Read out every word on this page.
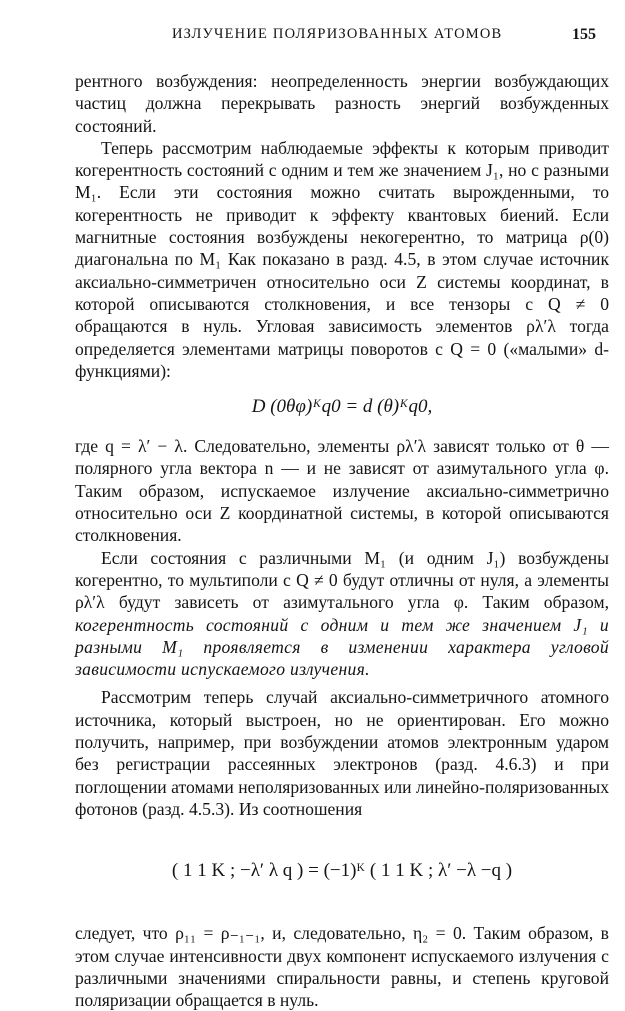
ИЗЛУЧЕНИЕ ПОЛЯРИЗОВАННЫХ АТОМОВ	155

рентного возбуждения: неопределенность энергии возбуждающих частиц должна перекрывать разность энергий возбужденных состояний.

Теперь рассмотрим наблюдаемые эффекты к которым приводит когерентность состояний с одним и тем же значением J₁, но с разными M₁. Если эти состояния можно считать вырожденными, то когерентность не приводит к эффекту квантовых биений. Если магнитные состояния возбуждены некогерентно, то матрица ρ(0) диагональна по M₁ Как показано в разд. 4.5, в этом случае источник аксиально-симметричен относительно оси Z системы координат, в которой описываются столкновения, и все тензоры с Q ≠ 0 обращаются в нуль. Угловая зависимость элементов ρλ′λ тогда определяется элементами матрицы поворотов с Q = 0 («малыми» d-функциями):

D (0θφ)ᴷq0 = d (θ)ᴷq0,

где q = λ′ − λ. Следовательно, элементы ρλ′λ зависят только от θ — полярного угла вектора n — и не зависят от азимутального угла φ. Таким образом, испускаемое излучение аксиально-симметрично относительно оси Z координатной системы, в которой описываются столкновения.

Если состояния с различными M₁ (и одним J₁) возбуждены когерентно, то мультиполи с Q ≠ 0 будут отличны от нуля, а элементы ρλ′λ будут зависеть от азимутального угла φ. Таким образом, когерентность состояний с одним и тем же значением J₁ и разными M₁ проявляется в изменении характера угловой зависимости испускаемого излучения.

Рассмотрим теперь случай аксиально-симметричного атомного источника, который выстроен, но не ориентирован. Его можно получить, например, при возбуждении атомов электронным ударом без регистрации рассеянных электронов (разд. 4.6.3) и при поглощении атомами неполяризованных или линейно-поляризованных фотонов (разд. 4.5.3). Из соотношения

( 1 1 K ; −λ′ λ q ) = (−1)ᴷ ( 1 1 K ; λ′ −λ −q )

следует, что ρ₁₁ = ρ₋₁₋₁, и, следовательно, η₂ = 0. Таким образом, в этом случае интенсивности двух компонент испускаемого излучения с различными значениями спиральности равны, и степень круговой поляризации обращается в нуль.
